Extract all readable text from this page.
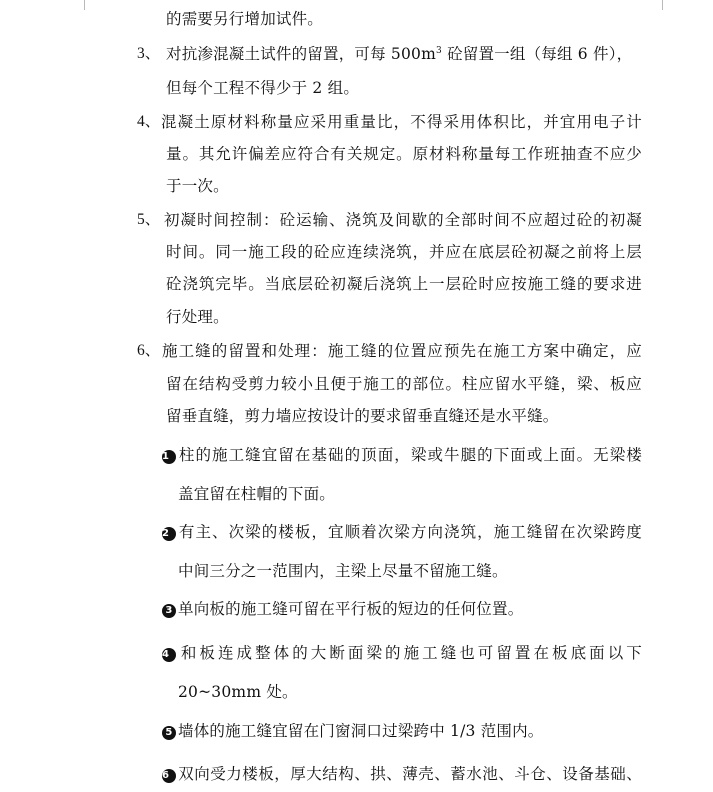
的需要另行增加试件。
3、 对抗渗混凝土试件的留置，可每 $500m^3$ 砼留置一组（每组 6 件），
但每个工程不得少于 2 组。
4、 混凝土原材料称量应采用重量比，不得采用体积比，并宜用电子计
量。其允许偏差应符合有关规定。原材料称量每工作班抽查不应少
于一次。
5、 初凝时间控制：砼运输、浇筑及间歇的全部时间不应超过砼的初凝
时间。同一施工段的砼应连续浇筑，并应在底层砼初凝之前将上层
砼浇筑完毕。当底层砼初凝后浇筑上一层砼时应按施工缝的要求进
行处理。
6、 施工缝的留置和处理：施工缝的位置应预先在施工方案中确定，应
留在结构受剪力较小且便于施工的部位。柱应留水平缝，梁、板应
留垂直缝，剪力墙应按设计的要求留垂直缝还是水平缝。
1 柱的施工缝宜留在基础的顶面，梁或牛腿的下面或上面。无梁楼
盖宜留在柱帽的下面。
2 有主、次梁的楼板，宜顺着次梁方向浇筑，施工缝留在次梁跨度
中间三分之一范围内，主梁上尽量不留施工缝。
3 单向板的施工缝可留在平行板的短边的任何位置。
4 和板连成整体的大断面梁的施工缝也可留置在板底面以下
20~30mm 处。
5 墙体的施工缝宜留在门窗洞口过梁跨中 1/3 范围内。
6 双向受力楼板，厚大结构、拱、薄壳、蓄水池、斗仓、设备基础、
